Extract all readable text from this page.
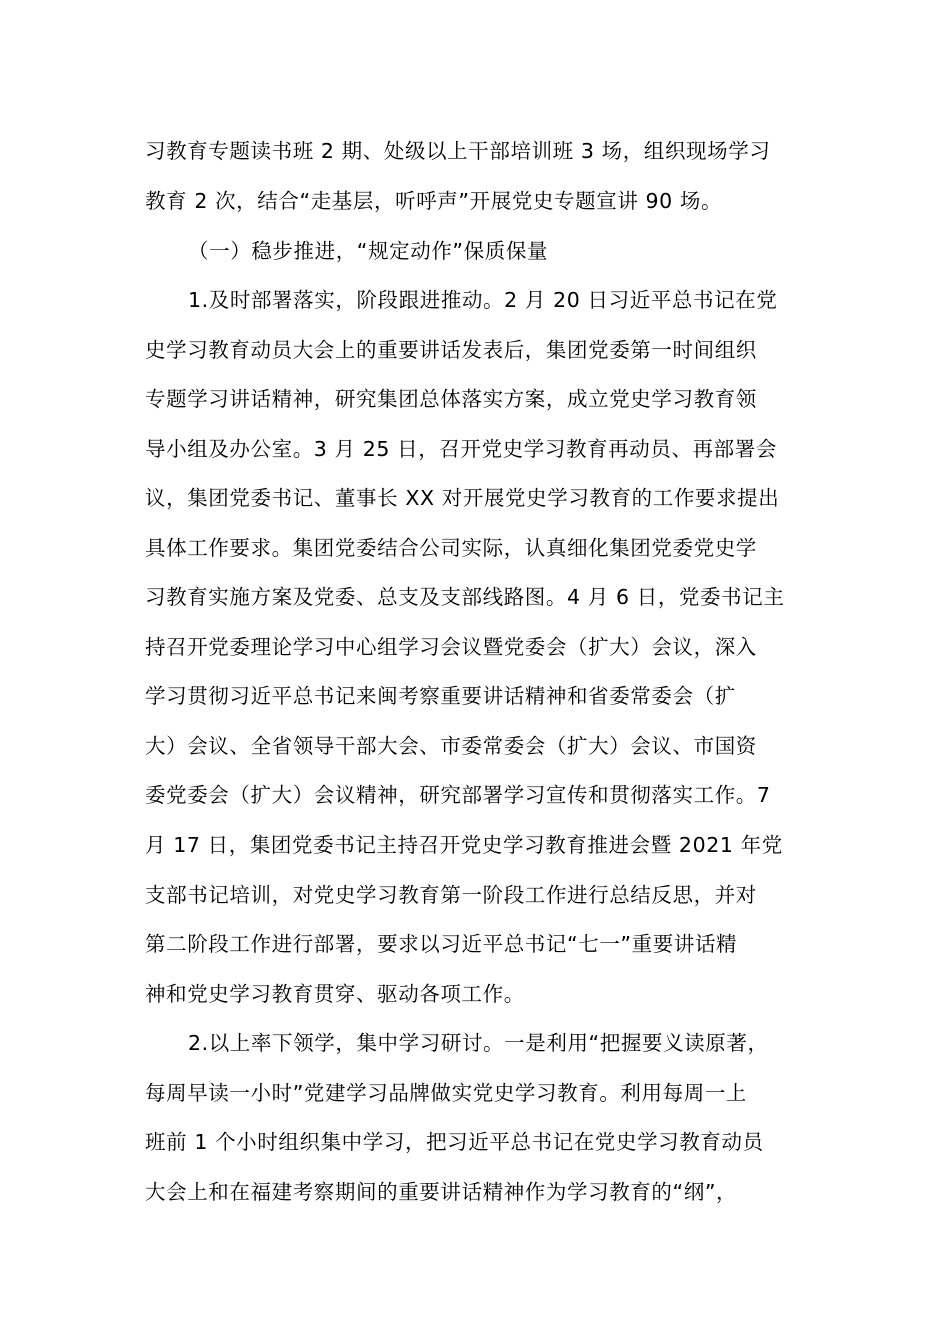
习教育专题读书班 2 期、处级以上干部培训班 3 场，组织现场学习
教育 2 次，结合“走基层，听呼声”开展党史专题宣讲 90 场。
（一）稳步推进，“规定动作”保质保量
1.及时部署落实，阶段跟进推动。2 月 20 日习近平总书记在党
史学习教育动员大会上的重要讲话发表后，集团党委第一时间组织
专题学习讲话精神，研究集团总体落实方案，成立党史学习教育领
导小组及办公室。3 月 25 日，召开党史学习教育再动员、再部署会
议，集团党委书记、董事长 XX 对开展党史学习教育的工作要求提出
具体工作要求。集团党委结合公司实际，认真细化集团党委党史学
习教育实施方案及党委、总支及支部线路图。4 月 6 日，党委书记主
持召开党委理论学习中心组学习会议暨党委会（扩大）会议，深入
学习贯彻习近平总书记来闽考察重要讲话精神和省委常委会（扩
大）会议、全省领导干部大会、市委常委会（扩大）会议、市国资
委党委会（扩大）会议精神，研究部署学习宣传和贯彻落实工作。7
月 17 日，集团党委书记主持召开党史学习教育推进会暨 2021 年党
支部书记培训，对党史学习教育第一阶段工作进行总结反思，并对
第二阶段工作进行部署，要求以习近平总书记“七一”重要讲话精
神和党史学习教育贯穿、驱动各项工作。
2.以上率下领学，集中学习研讨。一是利用“把握要义读原著，
每周早读一小时”党建学习品牌做实党史学习教育。利用每周一上
班前 1 个小时组织集中学习，把习近平总书记在党史学习教育动员
大会上和在福建考察期间的重要讲话精神作为学习教育的“纲”，
